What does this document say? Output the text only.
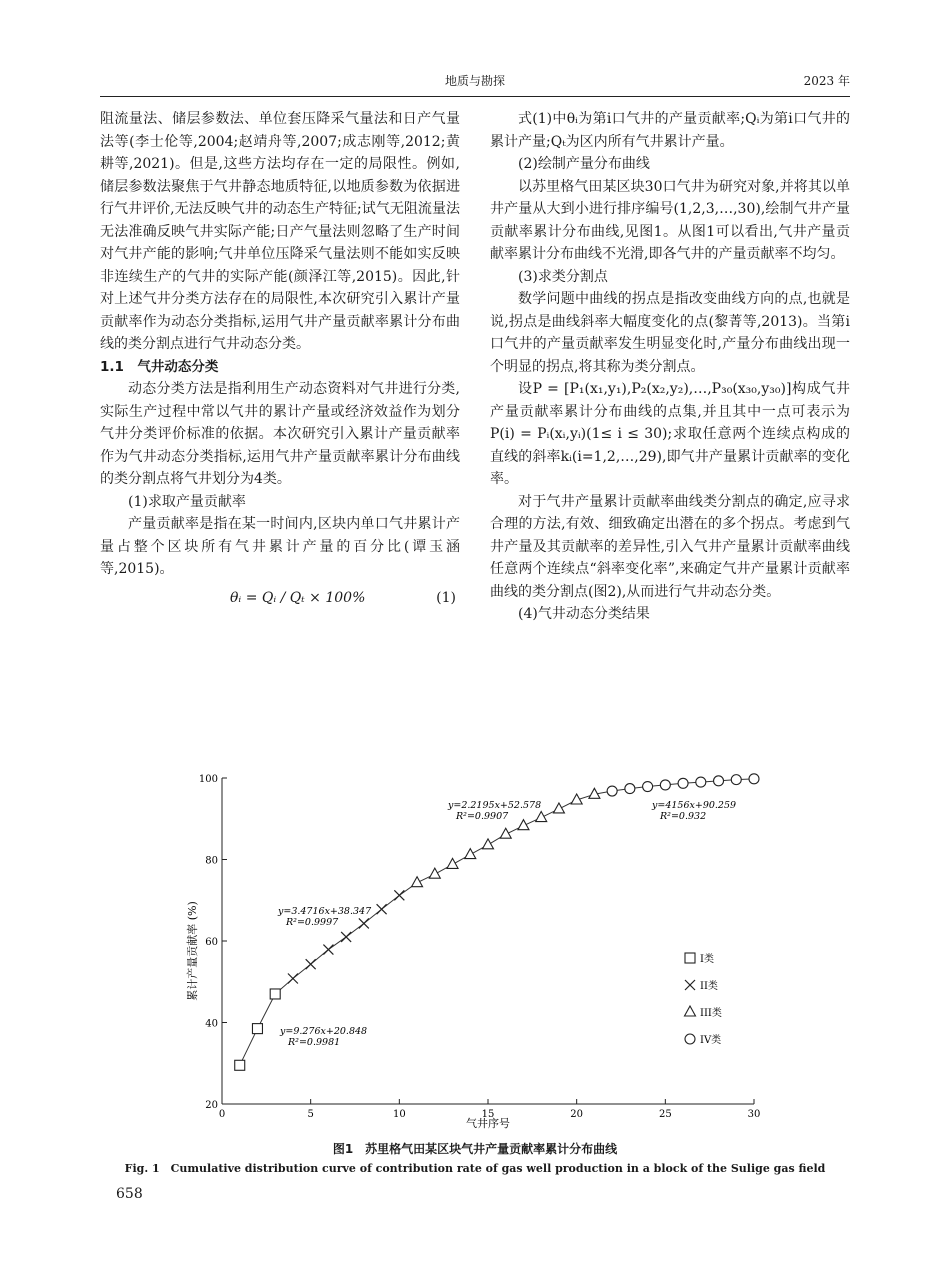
地质与勘探	2023 年

阻流量法、储层参数法、单位套压降采气量法和日产气量法等(李士伦等,2004;赵靖舟等,2007;成志刚等,2012;黄耕等,2021)。但是,这些方法均存在一定的局限性。例如,储层参数法聚焦于气井静态地质特征,以地质参数为依据进行气井评价,无法反映气井的动态生产特征;试气无阻流量法无法准确反映气井实际产能;日产气量法则忽略了生产时间对气井产能的影响;气井单位压降采气量法则不能如实反映非连续生产的气井的实际产能(颜泽江等,2015)。因此,针对上述气井分类方法存在的局限性,本次研究引入累计产量贡献率作为动态分类指标,运用气井产量贡献率累计分布曲线的类分割点进行气井动态分类。

1.1　气井动态分类

动态分类方法是指利用生产动态资料对气井进行分类,实际生产过程中常以气井的累计产量或经济效益作为划分气井分类评价标准的依据。本次研究引入累计产量贡献率作为气井动态分类指标,运用气井产量贡献率累计分布曲线的类分割点将气井划分为4类。

(1)求取产量贡献率

产量贡献率是指在某一时间内,区块内单口气井累计产量占整个区块所有气井累计产量的百分比(谭玉涵等,2015)。

θᵢ = Qᵢ / Qₜ × 100%	(1)

式(1)中θᵢ为第i口气井的产量贡献率;Qᵢ为第i口气井的累计产量;Qₜ为区内所有气井累计产量。

(2)绘制产量分布曲线

以苏里格气田某区块30口气井为研究对象,并将其以单井产量从大到小进行排序编号(1,2,3,…,30),绘制气井产量贡献率累计分布曲线,见图1。从图1可以看出,气井产量贡献率累计分布曲线不光滑,即各气井的产量贡献率不均匀。

(3)求类分割点

数学问题中曲线的拐点是指改变曲线方向的点,也就是说,拐点是曲线斜率大幅度变化的点(黎菁等,2013)。当第i口气井的产量贡献率发生明显变化时,产量分布曲线出现一个明显的拐点,将其称为类分割点。

设P = [P₁(x₁,y₁),P₂(x₂,y₂),…,P₃₀(x₃₀,y₃₀)]构成气井产量贡献率累计分布曲线的点集,并且其中一点可表示为P(i) = Pᵢ(xᵢ,yᵢ)(1≤ i ≤ 30);求取任意两个连续点构成的直线的斜率kᵢ(i=1,2,…,29),即气井产量累计贡献率的变化率。

对于气井产量累计贡献率曲线类分割点的确定,应寻求合理的方法,有效、细致确定出潜在的多个拐点。考虑到气井产量及其贡献率的差异性,引入气井产量累计贡献率曲线任意两个连续点“斜率变化率”,来确定气井产量累计贡献率曲线的类分割点(图2),从而进行气井动态分类。

(4)气井动态分类结果

0	5	10	15	20	25	30
20
40
60
80
100
y=9.276x+20.848
R²=0.9981
y=3.4716x+38.347
R²=0.9997
y=2.2195x+52.578
R²=0.9907
y=4156x+90.259
R²=0.932
I类
II类
III类
IV类
气井序号
累计产量贡献率 (%)
图1　苏里格气田某区块气井产量贡献率累计分布曲线
Fig. 1　Cumulative distribution curve of contribution rate of gas well production in a block of the Sulige gas field
658
